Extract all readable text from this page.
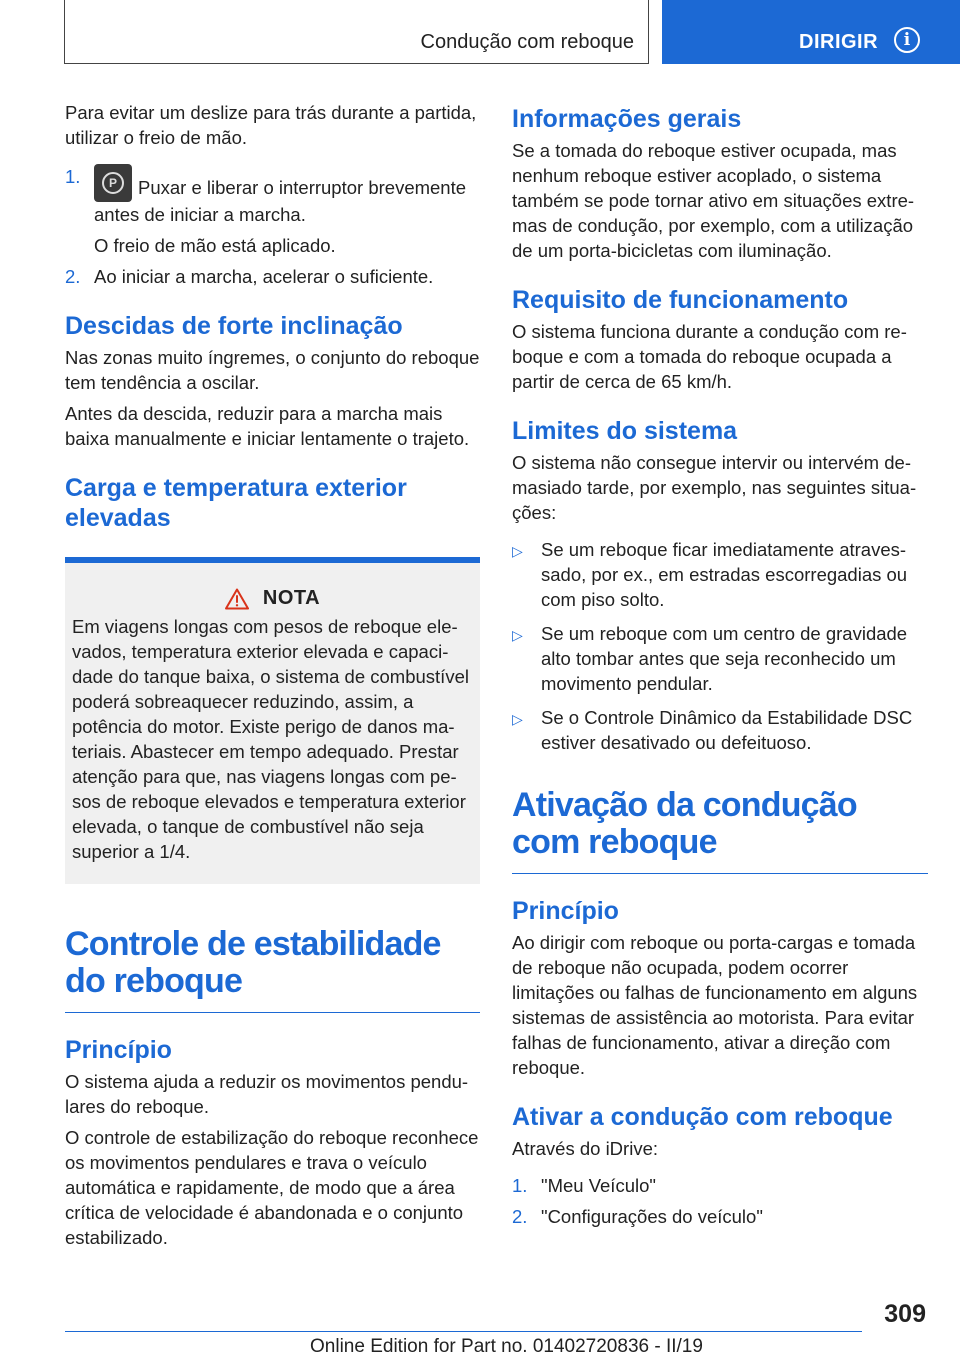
Condução com reboque	DIRIGIR	i

Para evitar um deslize para trás durante a partida, utilizar o freio de mão.

1.	P	Puxar e liberar o interruptor brevemente antes de iniciar a marcha.
O freio de mão está aplicado.
2. Ao iniciar a marcha, acelerar o suficiente.
Descidas de forte inclinação

Nas zonas muito íngremes, o conjunto do reboque tem tendência a oscilar.

Antes da descida, reduzir para a marcha mais baixa manualmente e iniciar lentamente o trajeto.

Carga e temperatura exterior elevadas
NOTA

Em viagens longas com pesos de reboque elevados, temperatura exterior elevada e capacidade do tanque baixa, o sistema de combustível poderá sobreaquecer reduzindo, assim, a potência do motor. Existe perigo de danos materiais. Abastecer em tempo adequado. Prestar atenção para que, nas viagens longas com pesos de reboque elevados e temperatura exterior elevada, o tanque de combustível não seja superior a 1/4.

Controle de estabilidade do reboque
Princípio

O sistema ajuda a reduzir os movimentos pendulares do reboque.

O controle de estabilização do reboque reconhece os movimentos pendulares e trava o veículo automática e rapidamente, de modo que a área crítica de velocidade é abandonada e o conjunto estabilizado.

Informações gerais

Se a tomada do reboque estiver ocupada, mas nenhum reboque estiver acoplado, o sistema também se pode tornar ativo em situações extremas de condução, por exemplo, com a utilização de um porta-bicicletas com iluminação.

Requisito de funcionamento

O sistema funciona durante a condução com reboque e com a tomada do reboque ocupada a partir de cerca de 65 km/h.

Limites do sistema

O sistema não consegue intervir ou intervém demasiado tarde, por exemplo, nas seguintes situações:

▷ Se um reboque ficar imediatamente atravessado, por ex., em estradas escorregadias ou com piso solto.
▷ Se um reboque com um centro de gravidade alto tombar antes que seja reconhecido um movimento pendular.
▷ Se o Controle Dinâmico da Estabilidade DSC estiver desativado ou defeituoso.
Ativação da condução com reboque
Princípio

Ao dirigir com reboque ou porta-cargas e tomada de reboque não ocupada, podem ocorrer limitações ou falhas de funcionamento em alguns sistemas de assistência ao motorista. Para evitar falhas de funcionamento, ativar a direção com reboque.

Ativar a condução com reboque

Através do iDrive:

1. "Meu Veículo"
2. "Configurações do veículo"
309
Online Edition for Part no. 01402720836 - II/19
